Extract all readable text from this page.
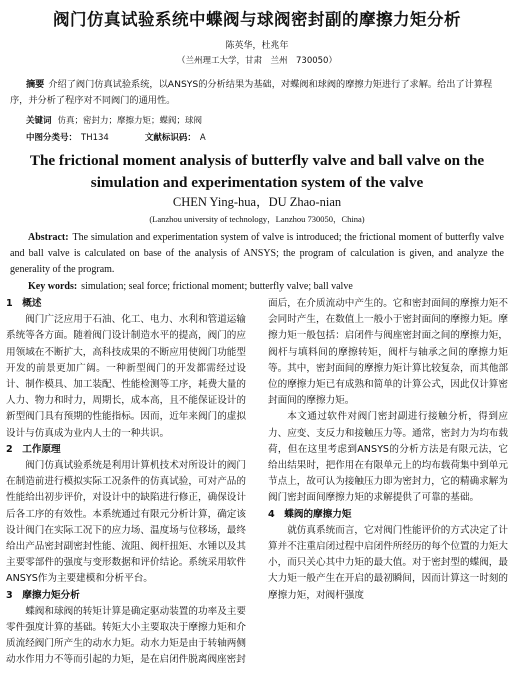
阀门仿真试验系统中蝶阀与球阀密封副的摩擦力矩分析
陈英华，杜兆年
（兰州理工大学，甘肃　兰州　730050）
摘要 介绍了阀门仿真试验系统，以ANSYS的分析结果为基础，对蝶阀和球阀的摩擦力矩进行了求解。给出了计算程序，并分析了程序对不同阀门的通用性。
关键词 仿真；密封力；摩擦力矩；蝶阀；球阀
中图分类号： TH134	文献标识码： A
The frictional moment analysis of butterfly valve and ball valve on the simulation and experimentation system of the valve
CHEN Ying-hua，DU Zhao-nian
(Lanzhou university of technology，Lanzhou 730050，China)
Abstract: The simulation and experimentation system of valve is introduced; the frictional moment of butterfly valve and ball valve is calculated on base of the analysis of ANSYS; the program of calculation is given, and analyze the generality of the program.
Key words: simulation; seal force; frictional moment; butterfly valve; ball valve
1　概述

阀门广泛应用于石油、化工、电力、水利和管道运输系统等各方面。随着阀门设计制造水平的提高，阀门的应用领域在不断扩大，高科技成果的不断应用使阀门功能型开发的前景更加广阔。一种新型阀门的开发都需经过设计、制作模具、加工装配、性能检测等工序，耗费大量的人力、物力和时力，周期长，成本高，且不能保证设计的新型阀门具有预期的性能指标。因而，近年来阀门的虚拟设计与仿真成为业内人士的一种共识。

2　工作原理

阀门仿真试验系统是利用计算机技术对所设计的阀门在制造前进行模拟实际工况条件的仿真试验，可对产品的性能给出初步评价，对设计中的缺陷进行修正，确保设计后各工序的有效性。本系统通过有限元分析计算，确定该设计阀门在实际工况下的应力场、温度场与位移场，最终给出产品密封副密封性能、流阻、阀杆扭矩、水锤以及其主要零部件的强度与变形数据和评价结论。系统采用软件ANSYS作为主要建模和分析平台。

3　摩擦力矩分析

蝶阀和球阀的转矩计算是确定驱动装置的功率及主要零件强度计算的基础。转矩大小主要取决于摩擦力矩和介质流经阀门所产生的动水力矩。动水力矩是由于转轴两侧动水作用力不等而引起的力矩，是在启闭件脱离阀座密封

面后，在介质流动中产生的。它和密封面间的摩擦力矩不会同时产生，在数值上一般小于密封面间的摩擦力矩。摩擦力矩一般包括：启闭件与阀座密封面之间的摩擦力矩，阀杆与填料间的摩擦转矩，阀杆与轴承之间的摩擦力矩等。其中，密封面间的摩擦力矩计算比较复杂，而其他部位的摩擦力矩已有成熟和简单的计算公式，因此仅计算密封面间的摩擦力矩。

本文通过软件对阀门密封副进行接触分析，得到应力、应变、支反力和接触压力等。通常，密封力为均布载荷，但在这里考虑到ANSYS的分析方法是有限元法，它给出结果时，把作用在有限单元上的均布载荷集中到单元节点上，故可认为接触压力即为密封力，它的精确求解为阀门密封面间摩擦力矩的求解提供了可靠的基础。

4　蝶阀的摩擦力矩

就仿真系统而言，它对阀门性能评价的方式决定了计算并不注重启闭过程中启闭件所经历的每个位置的力矩大小，而只关心其中力矩的最大值。对于密封型的蝶阀，最大力矩一般产生在开启的最初瞬间，因而计算这一时刻的摩擦力矩，对阀杆强度
